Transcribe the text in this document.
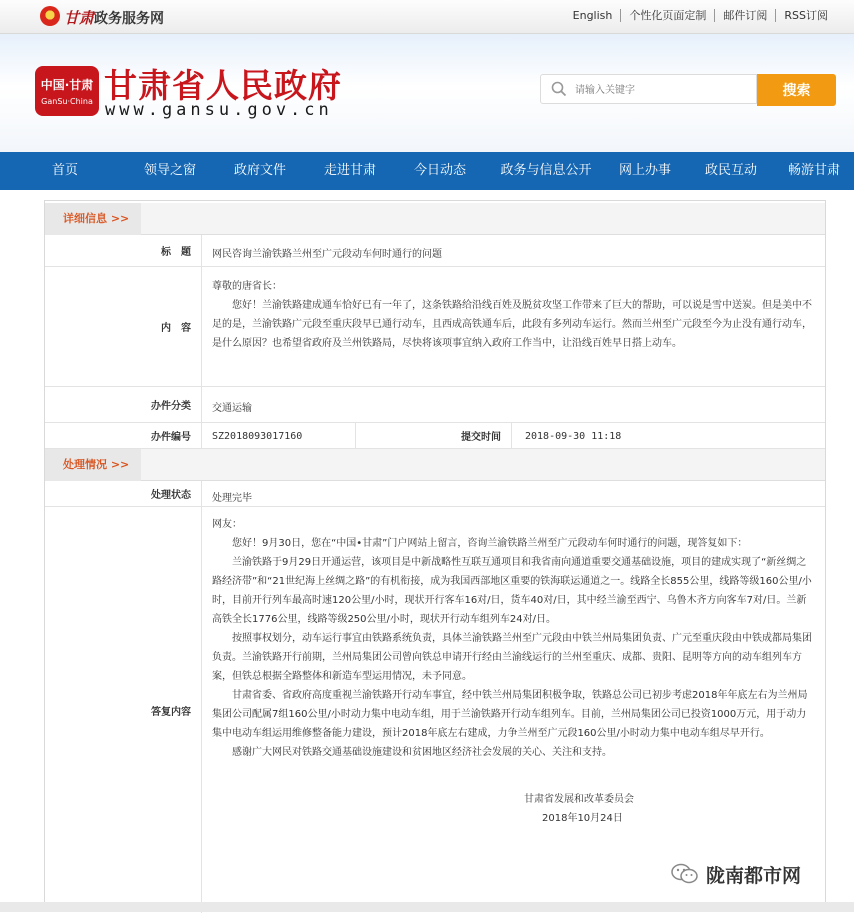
甘肃政务服务网	English	个性化页面定制	邮件订阅	RSS订阅
中国·甘肃
GanSu·China 甘肃省人民政府
www.gansu.gov.cn
请输入关键字
搜索
首页	领导之窗	政府文件	走进甘肃	今日动态	政务与信息公开	网上办事	政民互动	畅游甘肃
详细信息 >>
标　题	网民咨询兰渝铁路兰州至广元段动车何时通行的问题
内　容
尊敬的唐省长：
您好！兰渝铁路建成通车恰好已有一年了，这条铁路给沿线百姓及脱贫攻坚工作带来了巨大的帮助，可以说是雪中送炭。但是美中不足的是，兰渝铁路广元段至重庆段早已通行动车，且西成高铁通车后，此段有多列动车运行。然而兰州至广元段至今为止没有通行动车，是什么原因？也希望省政府及兰州铁路局，尽快将该项事宜纳入政府工作当中，让沿线百姓早日搭上动车。
办件分类	交通运输
办件编号	SZ2018093017160	提交时间	2018-09-30 11:18
处理情况 >>
处理状态	处理完毕
答复内容
网友：
您好！9月30日，您在“中国•甘肃”门户网站上留言，咨询兰渝铁路兰州至广元段动车何时通行的问题，现答复如下：
兰渝铁路于9月29日开通运营，该项目是中新战略性互联互通项目和我省南向通道重要交通基础设施，项目的建成实现了“新丝绸之路经济带”和“21世纪海上丝绸之路”的有机衔接，成为我国西部地区重要的铁海联运通道之一。线路全长855公里，线路等级160公里/小时，目前开行列车最高时速120公里/小时，现状开行客车16对/日，货车40对/日，其中经兰渝至西宁、乌鲁木齐方向客车7对/日。兰新高铁全长1776公里，线路等级250公里/小时，现状开行动车组列车24对/日。
按照事权划分，动车运行事宜由铁路系统负责，具体兰渝铁路兰州至广元段由中铁兰州局集团负责、广元至重庆段由中铁成都局集团负责。兰渝铁路开行前期，兰州局集团公司曾向铁总申请开行经由兰渝线运行的兰州至重庆、成都、贵阳、昆明等方向的动车组列车方案，但铁总根据全路整体和新造车型运用情况，未予同意。
甘肃省委、省政府高度重视兰渝铁路开行动车事宜，经中铁兰州局集团积极争取，铁路总公司已初步考虑2018年年底左右为兰州局集团公司配属7组160公里/小时动力集中电动车组，用于兰渝铁路开行动车组列车。目前，兰州局集团公司已投资1000万元，用于动力集中电动车组运用维修整备能力建设，预计2018年底左右建成，力争兰州至广元段160公里/小时动力集中电动车组尽早开行。
感谢广大网民对铁路交通基础设施建设和贫困地区经济社会发展的关心、关注和支持。
甘肃省发展和改革委员会
2018年10月24日
陇南都市网
